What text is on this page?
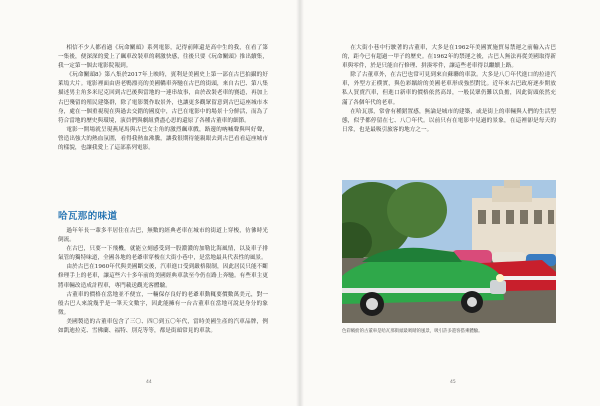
相信不少人都看過《玩命關頭》系列電影，記得前陣還是高中生的我，在看了第一集後，便深深的愛上了飆車改裝車的刺激快感，往後只要《玩命關頭》推出續集，我一定第一個去電影院報到。

《玩命關頭8》第八集於2017年上映時，賓利是美國史上第一部在古巴拍攝的好萊塢大片。電影裡面由唐老鴨漂亮的美國轎車奔馳在古巴的街頭，來自古巴、第八集描述男主角多米尼克回到古巴後與當地的一連串故事，由於改裝老車的賽道，再加上古巴殘留的殖民建築群，除了電影製作取景外，也讓更多觀眾留意到古巴這座城市本身，處在一個重視現在與過去交錯的國度中，古巴在電影中的場景十分鮮活，而為了符合當地的歷史與環境，演員們與劇組費盡心思的還原了各種古董車的細節。

電影一開場就呈現燕尾馬與古巴女主角的激烈飆車戲，路邊的吶喊聲與叫好聲，營造出強大的熱血氛圍，看得我熱血沸騰，讓我很期待能親眼去到古巴看看這座城市的樣貌，也讓我愛上了這部系列電影。

哈瓦那的味道

過年年長一輩多半居住在古巴，無數的經典老車在城市的街道上穿梭，彷彿時光倒流。

在古巴，只要一下飛機，就能立刻感受到一股濃濃的加勒比海風情，以及車子排氣管的獨特味道，全國各地的老爺車穿梭在大街小巷中，是當地最具代表性的風景。

由於古巴在1960年代與美國斷交後，汽車進口受到嚴格限制，因此居民只能不斷修理手上的老車，讓這些六十多年前的美國經典車款至今仍在路上奔馳。有些車主更將車輛改造成計程車，專門載送觀光客體驗。

古董車的價格在當地並不便宜，一輛保存良好的老爺車動輒要價數萬美元，對一般古巴人來說幾乎是一筆天文數字，因此能擁有一台古董車在當地可說是身分的象徵。

美國製造的古董車包含了三〇、四〇到五〇年代，當時美國生產的汽車品牌，例如凱迪拉克、雪佛蘭、福特、別克等等，都是街頭常見的車款。

44

在大街小巷中行駛著的古董車，大多是在1962年美國實施貿易禁運之前輸入古巴的，距今已有超過一甲子的歷史。在1962年的禁運之後，古巴人無法再從美國取得新車與零件，於是只能自行修理、拼湊零件，讓這些老車得以繼續上路。

除了古董車外，在古巴也常可見到來自蘇聯的車款。大多是八〇年代進口的拉達汽車，外型方正樸實，與色彩繽紛的美國老車形成強烈對比。近年來古巴政府逐步開放私人買賣汽車，但進口新車的價格依然高昂，一般民眾仍難以負擔，因此街頭依然充滿了各個年代的老車。

在哈瓦那，常會有種錯置感，無論是城市的建築，或是街上的車輛與人們的生活型態，似乎都停留在七、八〇年代。以前只有在電影中見過的景象，在這裡卻是每天的日常，也是最吸引旅客的地方之一。

色彩繽紛的古董車是哈瓦那街頭最吸睛的風景，吸引許多遊客搭乘體驗。
45
